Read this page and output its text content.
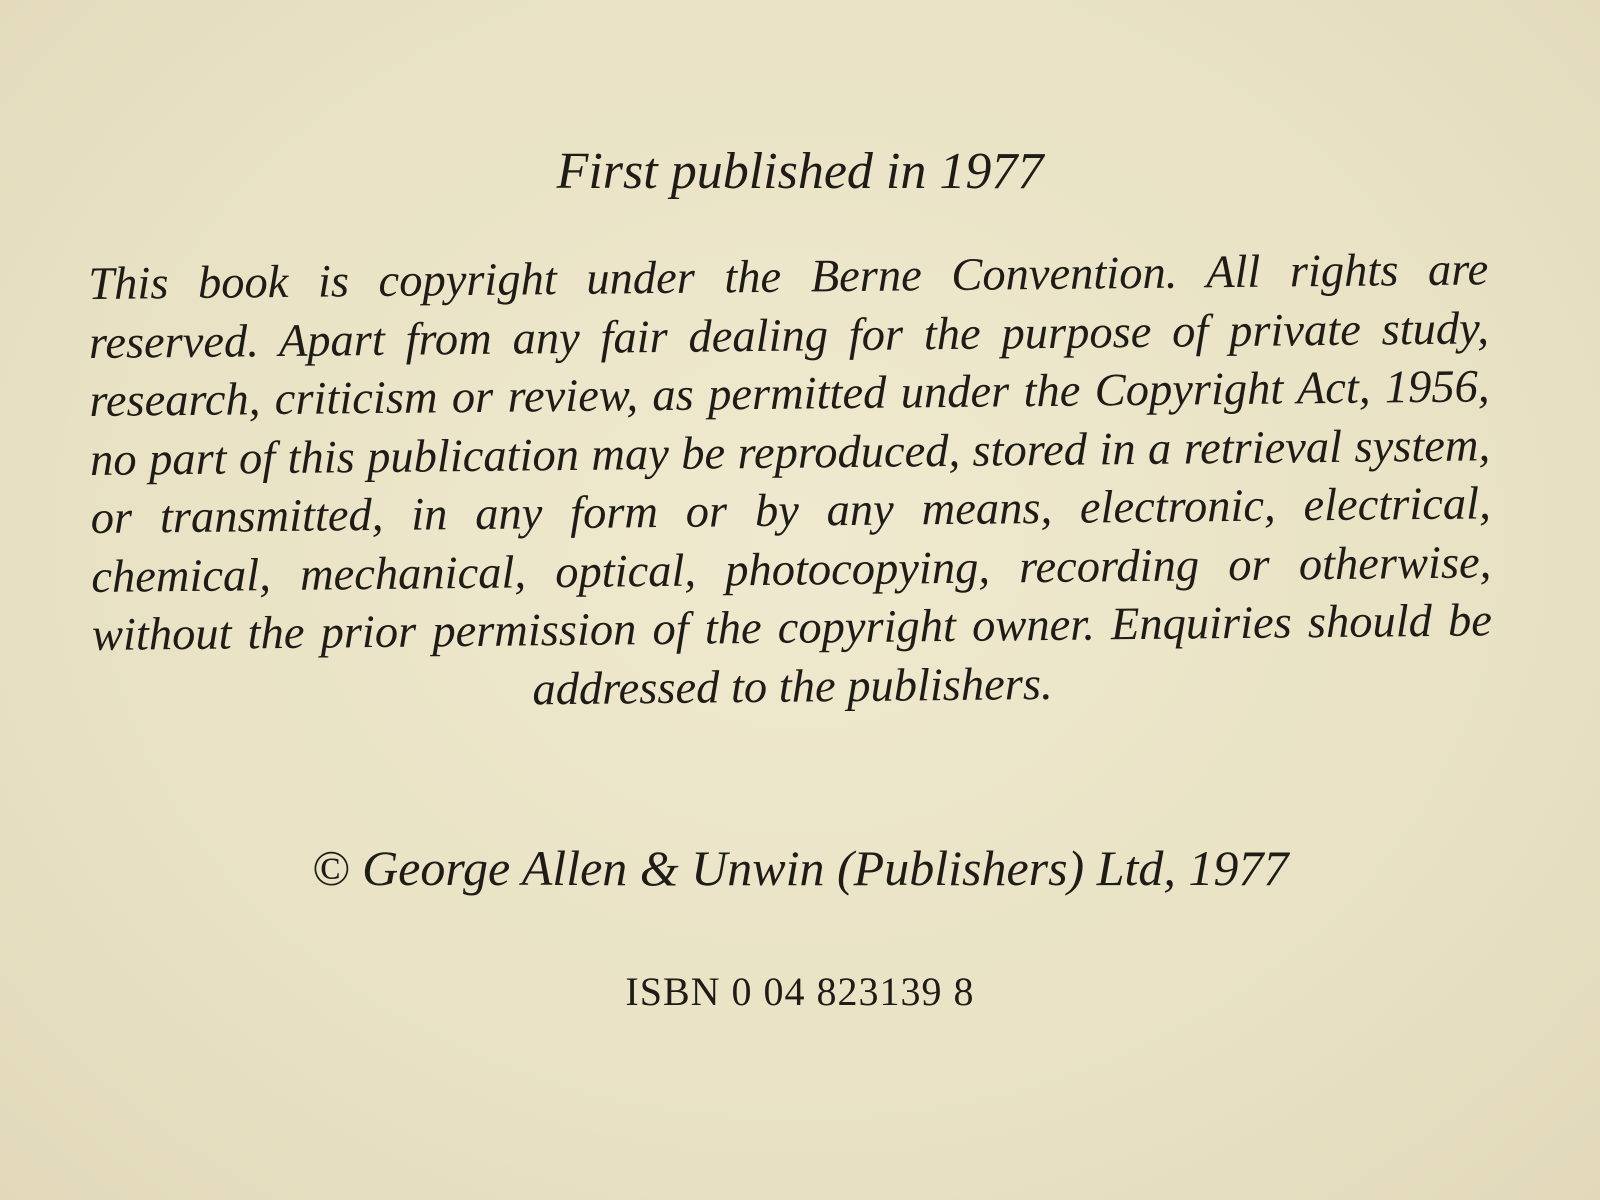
First published in 1977
This book is copyright under the Berne Convention. All rights are reserved. Apart from any fair dealing for the purpose of private study, research, criticism or review, as permitted under the Copyright Act, 1956, no part of this publication may be reproduced, stored in a retrieval system, or transmitted, in any form or by any means, electronic, electrical, chemical, mechanical, optical, photocopying, recording or otherwise, without the prior permission of the copyright owner. Enquiries should be addressed to the publishers.
© George Allen & Unwin (Publishers) Ltd, 1977
ISBN 0 04 823139 8
